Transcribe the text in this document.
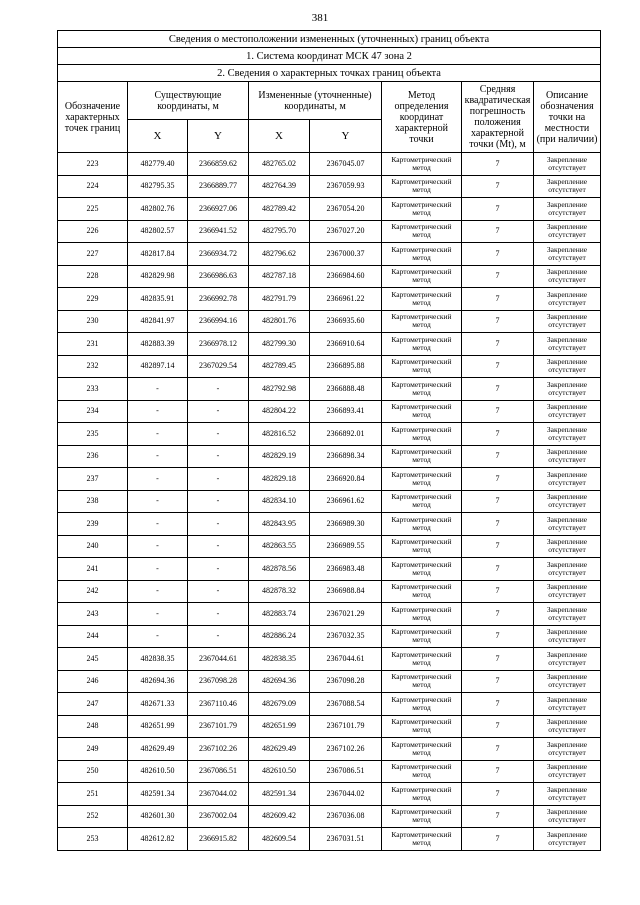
381
Сведения о местоположении измененных (уточненных) границ объекта							
1. Система координат МСК 47 зона 2							
2. Сведения о характерных точках границ объекта							
Обозначение характерных точек границ	Существующие координаты, м		Измененные (уточненные) координаты, м		Метод определения координат характерной точки	Средняя квадратическая погрешность положения характерной точки (Мt), м	Описание обозначения точки на местности (при наличии)
	X	Y	X	Y			
223	482779.40	2366859.62	482765.02	2367045.07	Картометрический метод	7	Закрепление отсутствует
224	482795.35	2366889.77	482764.39	2367059.93	Картометрический метод	7	Закрепление отсутствует
225	482802.76	2366927.06	482789.42	2367054.20	Картометрический метод	7	Закрепление отсутствует
226	482802.57	2366941.52	482795.70	2367027.20	Картометрический метод	7	Закрепление отсутствует
227	482817.84	2366934.72	482796.62	2367000.37	Картометрический метод	7	Закрепление отсутствует
228	482829.98	2366986.63	482787.18	2366984.60	Картометрический метод	7	Закрепление отсутствует
229	482835.91	2366992.78	482791.79	2366961.22	Картометрический метод	7	Закрепление отсутствует
230	482841.97	2366994.16	482801.76	2366935.60	Картометрический метод	7	Закрепление отсутствует
231	482883.39	2366978.12	482799.30	2366910.64	Картометрический метод	7	Закрепление отсутствует
232	482897.14	2367029.54	482789.45	2366895.88	Картометрический метод	7	Закрепление отсутствует
233	-	-	482792.98	2366888.48	Картометрический метод	7	Закрепление отсутствует
234	-	-	482804.22	2366893.41	Картометрический метод	7	Закрепление отсутствует
235	-	-	482816.52	2366892.01	Картометрический метод	7	Закрепление отсутствует
236	-	-	482829.19	2366898.34	Картометрический метод	7	Закрепление отсутствует
237	-	-	482829.18	2366920.84	Картометрический метод	7	Закрепление отсутствует
238	-	-	482834.10	2366961.62	Картометрический метод	7	Закрепление отсутствует
239	-	-	482843.95	2366989.30	Картометрический метод	7	Закрепление отсутствует
240	-	-	482863.55	2366989.55	Картометрический метод	7	Закрепление отсутствует
241	-	-	482878.56	2366983.48	Картометрический метод	7	Закрепление отсутствует
242	-	-	482878.32	2366988.84	Картометрический метод	7	Закрепление отсутствует
243	-	-	482883.74	2367021.29	Картометрический метод	7	Закрепление отсутствует
244	-	-	482886.24	2367032.35	Картометрический метод	7	Закрепление отсутствует
245	482838.35	2367044.61	482838.35	2367044.61	Картометрический метод	7	Закрепление отсутствует
246	482694.36	2367098.28	482694.36	2367098.28	Картометрический метод	7	Закрепление отсутствует
247	482671.33	2367110.46	482679.09	2367088.54	Картометрический метод	7	Закрепление отсутствует
248	482651.99	2367101.79	482651.99	2367101.79	Картометрический метод	7	Закрепление отсутствует
249	482629.49	2367102.26	482629.49	2367102.26	Картометрический метод	7	Закрепление отсутствует
250	482610.50	2367086.51	482610.50	2367086.51	Картометрический метод	7	Закрепление отсутствует
251	482591.34	2367044.02	482591.34	2367044.02	Картометрический метод	7	Закрепление отсутствует
252	482601.30	2367002.04	482609.42	2367036.08	Картометрический метод	7	Закрепление отсутствует
253	482612.82	2366915.82	482609.54	2367031.51	Картометрический метод	7	Закрепление отсутствует
